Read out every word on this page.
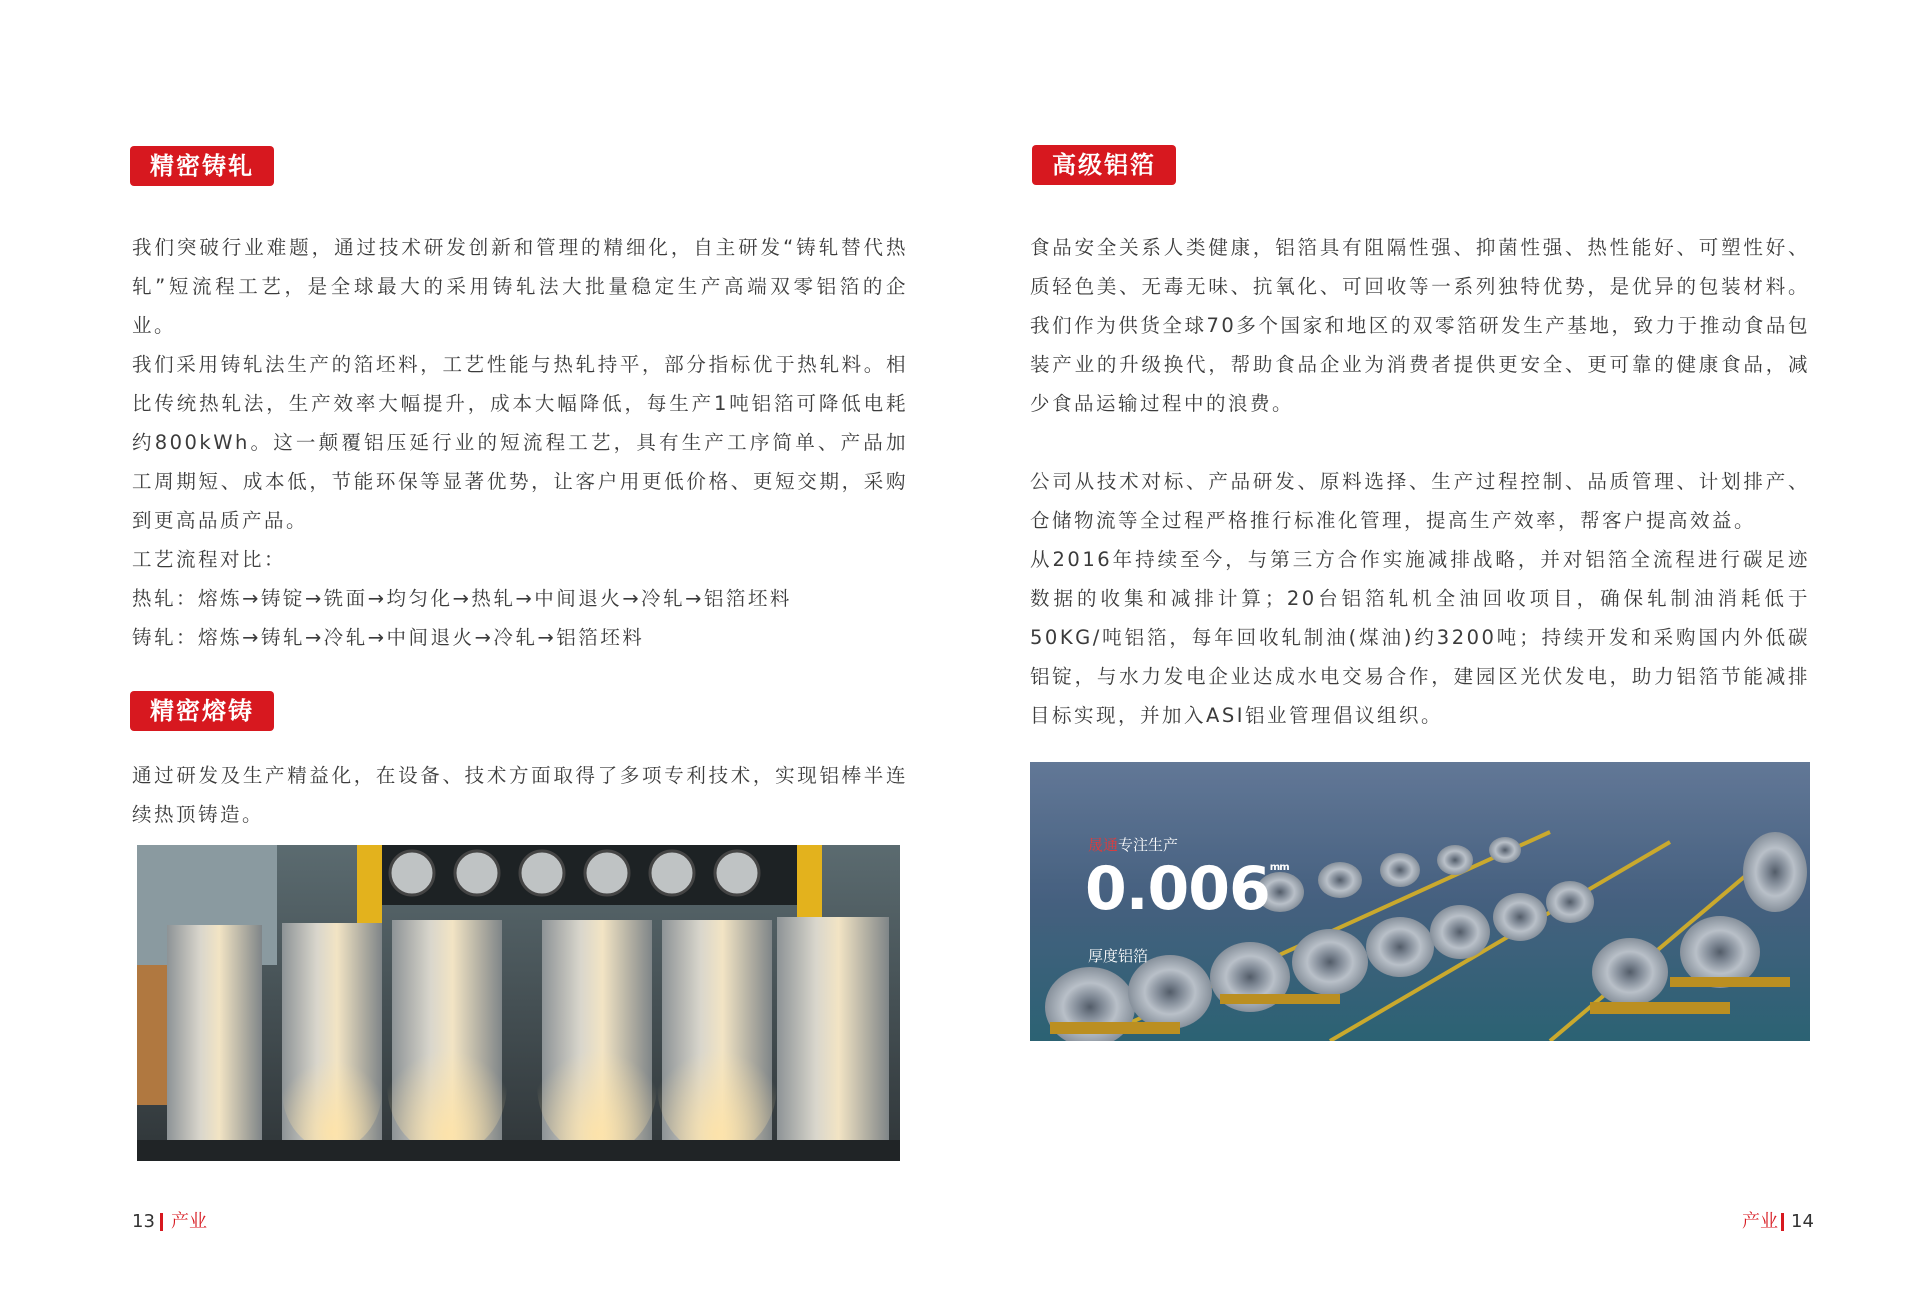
精密铸轧

我们突破行业难题，通过技术研发创新和管理的精细化，自主研发“铸轧替代热轧”短流程工艺，是全球最大的采用铸轧法大批量稳定生产高端双零铝箔的企业。

我们采用铸轧法生产的箔坯料，工艺性能与热轧持平，部分指标优于热轧料。相比传统热轧法，生产效率大幅提升，成本大幅降低，每生产1吨铝箔可降低电耗约800kWh。这一颠覆铝压延行业的短流程工艺，具有生产工序简单、产品加工周期短、成本低，节能环保等显著优势，让客户用更低价格、更短交期，采购到更高品质产品。

工艺流程对比：

热轧：熔炼→铸锭→铣面→均匀化→热轧→中间退火→冷轧→铝箔坯料

铸轧：熔炼→铸轧→冷轧→中间退火→冷轧→铝箔坯料

精密熔铸

通过研发及生产精益化，在设备、技术方面取得了多项专利技术，实现铝棒半连续热顶铸造。

13 产业
高级铝箔

食品安全关系人类健康，铝箔具有阻隔性强、抑菌性强、热性能好、可塑性好、质轻色美、无毒无味、抗氧化、可回收等一系列独特优势，是优异的包装材料。我们作为供货全球70多个国家和地区的双零箔研发生产基地，致力于推动食品包装产业的升级换代，帮助食品企业为消费者提供更安全、更可靠的健康食品，减少食品运输过程中的浪费。

公司从技术对标、产品研发、原料选择、生产过程控制、品质管理、计划排产、仓储物流等全过程严格推行标准化管理，提高生产效率，帮客户提高效益。

从2016年持续至今，与第三方合作实施减排战略，并对铝箔全流程进行碳足迹数据的收集和减排计算；20台铝箔轧机全油回收项目，确保轧制油消耗低于50KG/吨铝箔，每年回收轧制油(煤油)约3200吨；持续开发和采购国内外低碳铝锭，与水力发电企业达成水电交易合作，建园区光伏发电，助力铝箔节能减排目标实现，并加入ASI铝业管理倡议组织。

晟通专注生产
$0.006^{mm}$
厚度铝箔
产业 14
